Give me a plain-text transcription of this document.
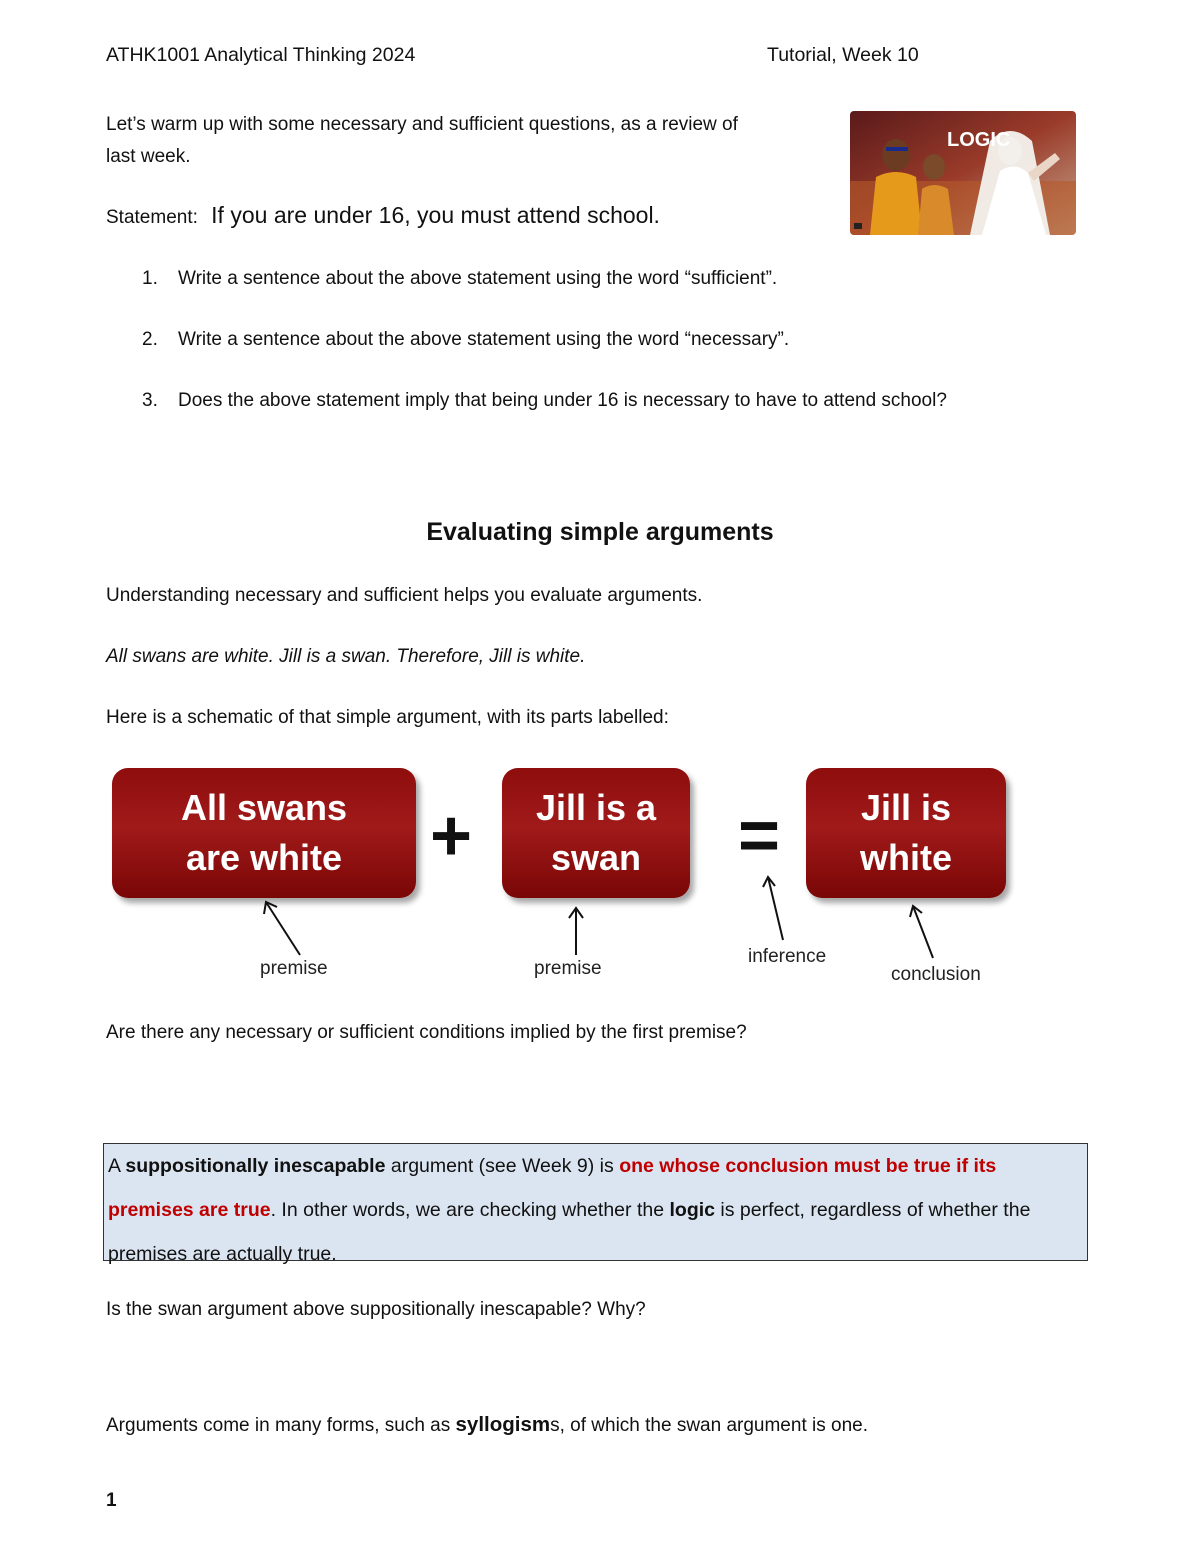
ATHK1001 Analytical Thinking 2024	Tutorial, Week 10
Let’s warm up with some necessary and sufficient questions, as a review of
last week.
Statement: If you are under 16, you must attend school.
LOGIC
1. Write a sentence about the above statement using the word “sufficient”.
2. Write a sentence about the above statement using the word “necessary”.
3. Does the above statement imply that being under 16 is necessary to have to attend school?
Evaluating simple arguments
Understanding necessary and sufficient helps you evaluate arguments.
All swans are white. Jill is a swan. Therefore, Jill is white.
Here is a schematic of that simple argument, with its parts labelled:
All swans
are white	+	Jill is a
swan	=	Jill is
white
premise	premise
inference
conclusion
Are there any necessary or sufficient conditions implied by the first premise?
A suppositionally inescapable argument (see Week 9) is one whose conclusion must be true if its premises are true. In other words, we are checking whether the logic is perfect, regardless of whether the premises are actually true.
Is the swan argument above suppositionally inescapable? Why?
Arguments come in many forms, such as syllogisms, of which the swan argument is one.
1
